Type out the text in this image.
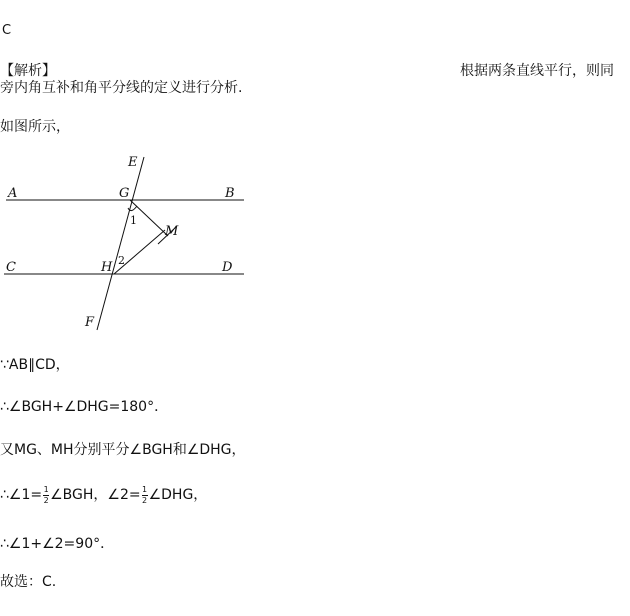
C
【解析】	根据两条直线平行，则同
旁内角互补和角平分线的定义进行分析.
如图所示，
E
A	G	B
1
M
C	H 2	D
F
∵AB∥CD，
∴∠BGH+∠DHG=180°．
又MG、MH分别平分∠BGH和∠DHG，
∴∠1= $\frac{1}{2}$ ∠BGH，∠2= $\frac{1}{2}$ ∠DHG，
∴∠1+∠2=90°．
故选：C.
